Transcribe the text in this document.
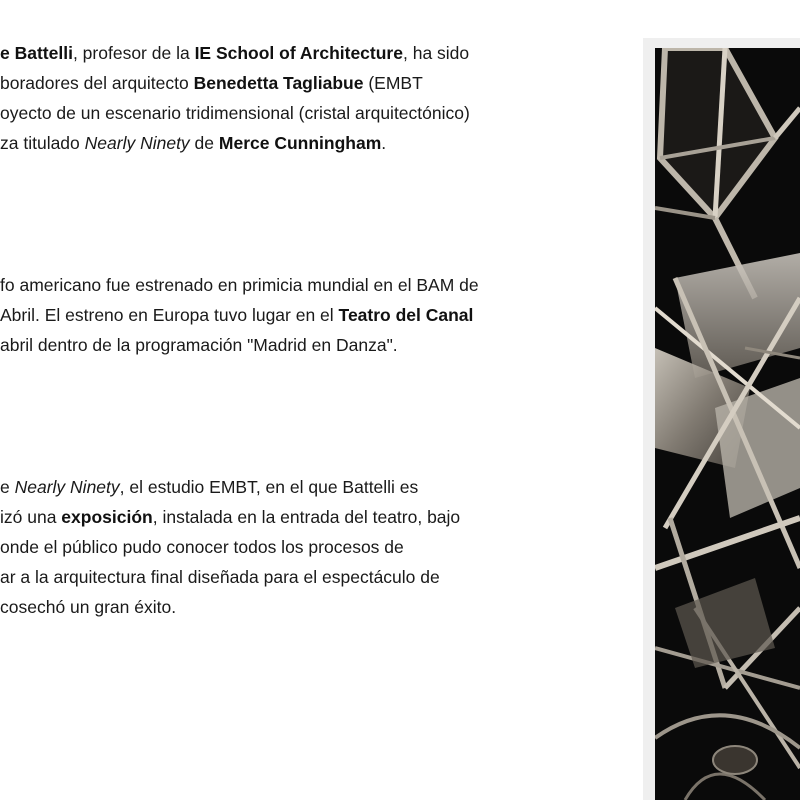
e Battelli, profesor de la IE School of Architecture, ha sido
boradores del arquitecto Benedetta Tagliabue (EMBT
oyecto de un escenario tridimensional (cristal arquitectónico)
za titulado Nearly Ninety de Merce Cunningham.
fo americano fue estrenado en primicia mundial en el BAM de
Abril. El estreno en Europa tuvo lugar en el Teatro del Canal
abril dentro de la programación "Madrid en Danza".
e Nearly Ninety, el estudio EMBT, en el que Battelli es
izó una exposición, instalada en la entrada del teatro, bajo
onde el público pudo conocer todos los procesos de
ar a la arquitectura final diseñada para el espectáculo de
cosechó un gran éxito.
